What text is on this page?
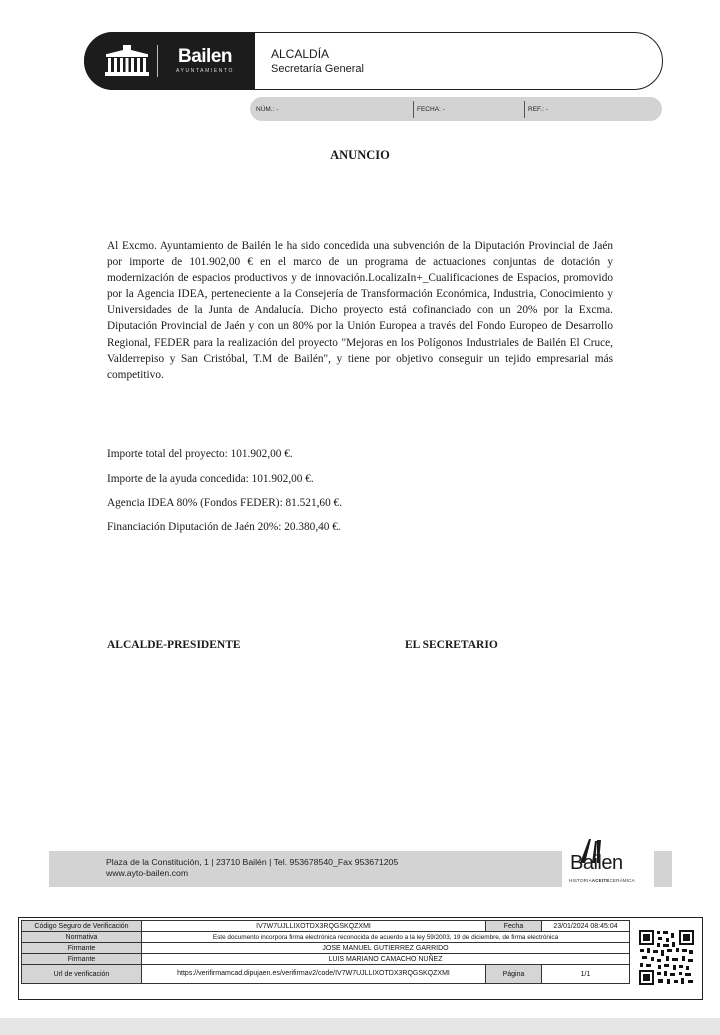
Bailen
AYUNTAMIENTO
ALCALDÍA
Secretaría General
NÚM.: -	FECHA: -	REF.: -
ANUNCIO
Al Excmo. Ayuntamiento de Bailén le ha sido concedida una subvención de la Diputación Provincial de Jaén por importe de 101.902,00 € en el marco de un programa de actuaciones conjuntas de dotación y modernización de espacios productivos y de innovación.LocalizaIn+_Cualificaciones de Espacios, promovido por la Agencia IDEA, perteneciente a la Consejería de Transformación Económica, Industria, Conocimiento y Universidades de la Junta de Andalucía. Dicho proyecto está cofinanciado con un 20% por la Excma. Diputación Provincial de Jaén y con un 80% por la Unión Europea a través del Fondo Europeo de Desarrollo Regional, FEDER para la realización del proyecto "Mejoras en los Polígonos Industriales de Bailén El Cruce, Valderrepiso y San Cristóbal, T.M de Bailén", y tiene por objetivo conseguir un tejido empresarial más competitivo.
Importe total del proyecto: 101.902,00 €.
Importe de la ayuda concedida: 101.902,00 €.
Agencia IDEA 80% (Fondos FEDER): 81.521,60 €.
Financiación Diputación de Jaén 20%: 20.380,40 €.
ALCALDE-PRESIDENTE	EL SECRETARIO
Plaza de la Constitución, 1 | 23710 Bailén | Tel. 953678540_Fax 953671205
www.ayto-bailen.com	Bailen
HISTORIAACEITECERÁMICA
Código Seguro de Verificación	IV7W7UJLLIXOTDX3RQGSKQZXMI	Fecha	23/01/2024 08:45:04
Normativa	Este documento incorpora firma electrónica reconocida de acuerdo a la ley 59/2003, 19 de diciembre, de firma electrónica		
Firmante	JOSE MANUEL GUTIERREZ GARRIDO		
Firmante	LUIS MARIANO CAMACHO NUÑEZ		
Url de verificación	https://verifirmamcad.dipujaen.es/verifirmav2/code/IV7W7UJLLIXOTDX3RQGSKQZXMI	Página	1/1
